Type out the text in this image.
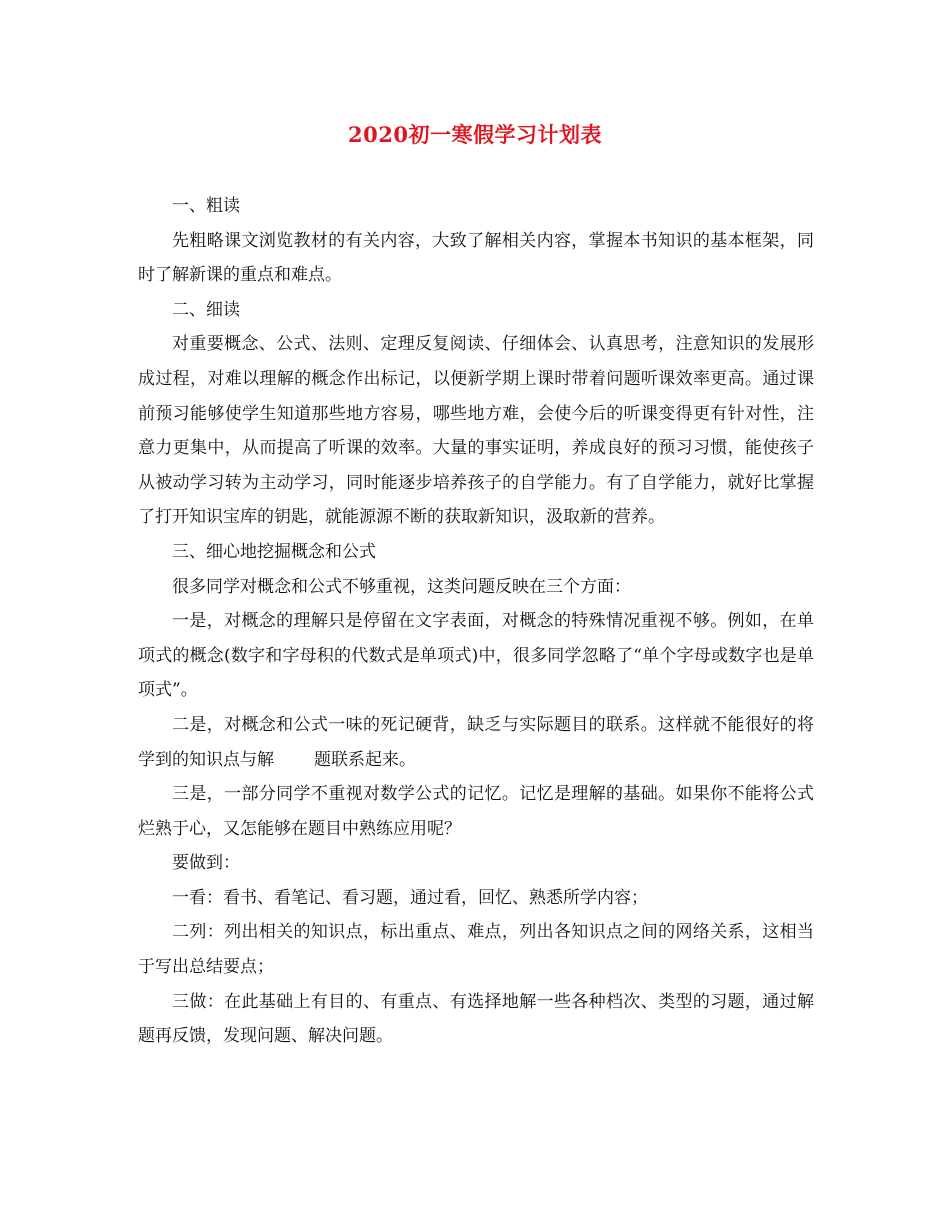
2020初一寒假学习计划表

一、粗读

先粗略课文浏览教材的有关内容，大致了解相关内容，掌握本书知识的基本框架，同时了解新课的重点和难点。

二、细读

对重要概念、公式、法则、定理反复阅读、仔细体会、认真思考，注意知识的发展形成过程，对难以理解的概念作出标记，以便新学期上课时带着问题听课效率更高。通过课前预习能够使学生知道那些地方容易，哪些地方难，会使今后的听课变得更有针对性，注意力更集中，从而提高了听课的效率。大量的事实证明，养成良好的预习习惯，能使孩子从被动学习转为主动学习，同时能逐步培养孩子的自学能力。有了自学能力，就好比掌握了打开知识宝库的钥匙，就能源源不断的获取新知识，汲取新的营养。

三、细心地挖掘概念和公式

很多同学对概念和公式不够重视，这类问题反映在三个方面：

一是，对概念的理解只是停留在文字表面，对概念的特殊情况重视不够。例如，在单项式的概念(数字和字母积的代数式是单项式)中，很多同学忽略了“单个字母或数字也是单项式”。

二是，对概念和公式一味的死记硬背，缺乏与实际题目的联系。这样就不能很好的将学到的知识点与解 题联系起来。

三是，一部分同学不重视对数学公式的记忆。记忆是理解的基础。如果你不能将公式烂熟于心，又怎能够在题目中熟练应用呢？

要做到：

一看：看书、看笔记、看习题，通过看，回忆、熟悉所学内容；

二列：列出相关的知识点，标出重点、难点，列出各知识点之间的网络关系，这相当于写出总结要点；

三做：在此基础上有目的、有重点、有选择地解一些各种档次、类型的习题，通过解题再反馈，发现问题、解决问题。
